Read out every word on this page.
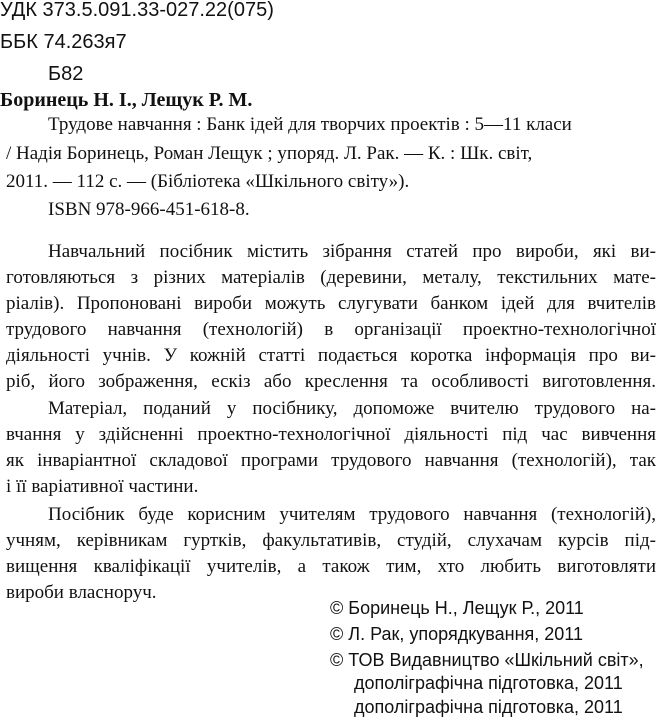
УДК 373.5.091.33-027.22(075)
ББК 74.263я7
Б82
Боринець Н. І., Лещук Р. М.
Трудове навчання : Банк ідей для творчих проектів : 5—11 класи
/ Надія Боринець, Роман Лещук ; упоряд. Л. Рак. — К. : Шк. світ,
2011. — 112 с. — (Бібліотека «Шкільного світу»).
ISBN 978-966-451-618-8.
Навчальний посібник містить зібрання статей про вироби, які ви-
готовляються з різних матеріалів (деревини, металу, текстильних мате-
ріалів). Пропоновані вироби можуть слугувати банком ідей для вчителів
трудового навчання (технологій) в організації проектно-технологічної
діяльності учнів. У кожній статті подається коротка інформація про ви-
ріб, його зображення, ескіз або креслення та особливості виготовлення.
Матеріал, поданий у посібнику, допоможе вчителю трудового на-
вчання у здійсненні проектно-технологічної діяльності під час вивчення
як інваріантної складової програми трудового навчання (технологій), так
і її варіативної частини.
Посібник буде корисним учителям трудового навчання (технологій),
учням, керівникам гуртків, факультативів, студій, слухачам курсів під-
вищення кваліфікації учителів, а також тим, хто любить виготовляти
вироби власноруч.
© Боринець Н., Лещук Р., 2011
© Л. Рак, упорядкування, 2011
© ТОВ Видавництво «Шкільний світ»,
дополіграфічна підготовка, 2011
дополіграфічна підготовка, 2011
